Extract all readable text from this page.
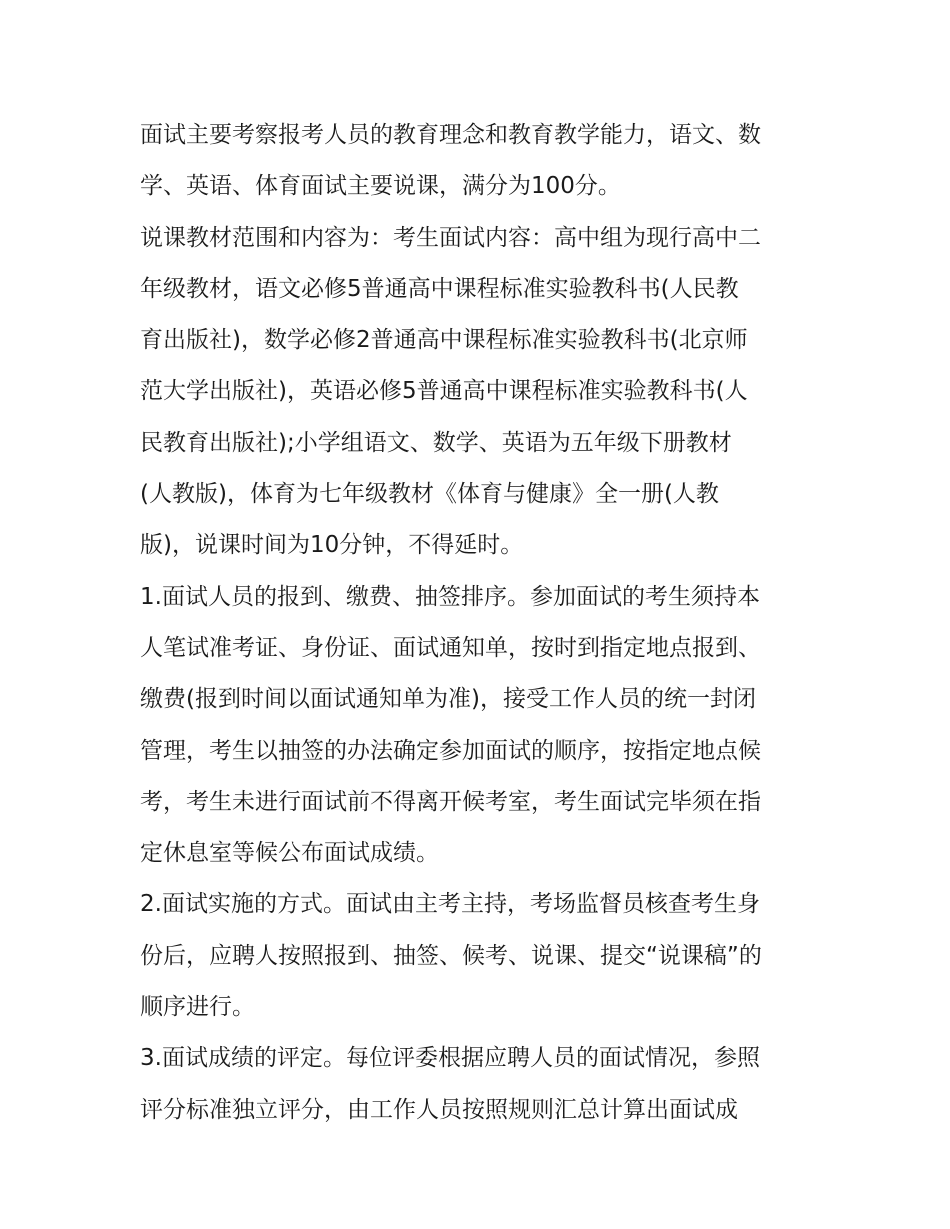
面试主要考察报考人员的教育理念和教育教学能力，语文、数
学、英语、体育面试主要说课，满分为100分。
说课教材范围和内容为：考生面试内容：高中组为现行高中二
年级教材，语文必修5普通高中课程标准实验教科书(人民教
育出版社)，数学必修2普通高中课程标准实验教科书(北京师
范大学出版社)，英语必修5普通高中课程标准实验教科书(人
民教育出版社);小学组语文、数学、英语为五年级下册教材
(人教版)，体育为七年级教材《体育与健康》全一册(人教
版)，说课时间为10分钟，不得延时。
1.面试人员的报到、缴费、抽签排序。参加面试的考生须持本
人笔试准考证、身份证、面试通知单，按时到指定地点报到、
缴费(报到时间以面试通知单为准)，接受工作人员的统一封闭
管理，考生以抽签的办法确定参加面试的顺序，按指定地点候
考，考生未进行面试前不得离开候考室，考生面试完毕须在指
定休息室等候公布面试成绩。
2.面试实施的方式。面试由主考主持，考场监督员核查考生身
份后，应聘人按照报到、抽签、候考、说课、提交“说课稿”的
顺序进行。
3.面试成绩的评定。每位评委根据应聘人员的面试情况，参照
评分标准独立评分，由工作人员按照规则汇总计算出面试成
